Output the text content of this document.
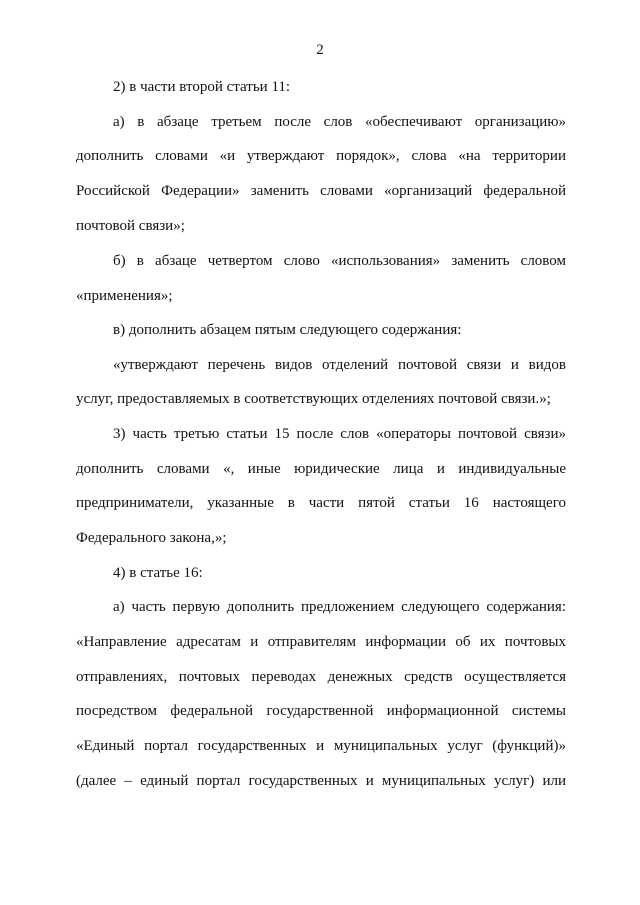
2
2) в части второй статьи 11:
а) в абзаце третьем после слов «обеспечивают организацию»
дополнить словами «и утверждают порядок», слова «на территории
Российской Федерации» заменить словами «организаций федеральной
почтовой связи»;
б) в абзаце четвертом слово «использования» заменить словом
«применения»;
в) дополнить абзацем пятым следующего содержания:
«утверждают перечень видов отделений почтовой связи и видов
услуг, предоставляемых в соответствующих отделениях почтовой связи.»;
3) часть третью статьи 15 после слов «операторы почтовой связи»
дополнить словами «, иные юридические лица и индивидуальные
предприниматели, указанные в части пятой статьи 16 настоящего
Федерального закона,»;
4) в статье 16:
а) часть первую дополнить предложением следующего содержания:
«Направление адресатам и отправителям информации об их почтовых
отправлениях, почтовых переводах денежных средств осуществляется
посредством федеральной государственной информационной системы
«Единый портал государственных и муниципальных услуг (функций)»
(далее – единый портал государственных и муниципальных услуг) или
